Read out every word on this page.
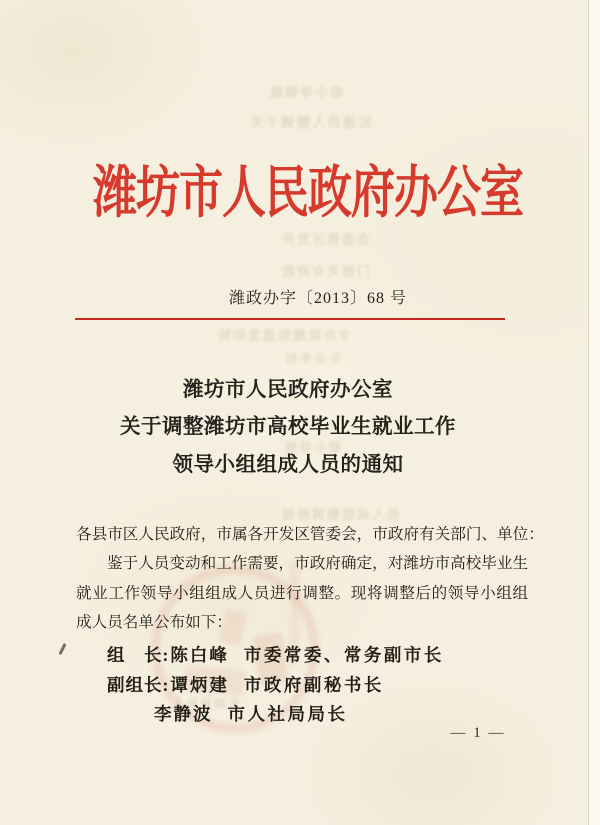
组小导领就
知通员人整调于关
会委管区发开
门部关有府政
字办政潍知通发印转
生业毕校
组小导领
员人成组整调将现
长局局社人
潍坊市人民政府办公室
潍政办字〔2013〕68 号
潍坊市人民政府办公室
关于调整潍坊市高校毕业生就业工作
领导小组组成人员的通知
各县市区人民政府，市属各开发区管委会，市政府有关部门、单位：
鉴于人员变动和工作需要，市政府确定，对潍坊市高校毕业生
就业工作领导小组组成人员进行调整。现将调整后的领导小组组
成人员名单公布如下：
组　长: 陈白峰 市委常委、常务副市长
副组长: 谭炳建 市政府副秘书长
李静波 市人社局局长
— 1 —
